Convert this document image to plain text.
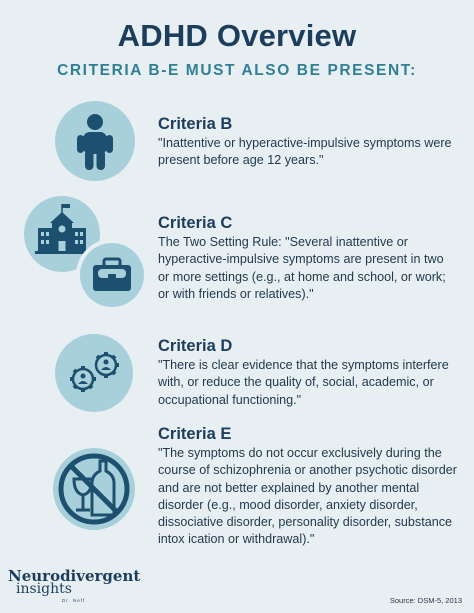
ADHD Overview
CRITERIA B-E MUST ALSO BE PRESENT:
Criteria B
"Inattentive or hyperactive-impulsive symptoms were present before age 12 years."
Criteria C
The Two Setting Rule: "Several inattentive or hyperactive-impulsive symptoms are present in two or more settings (e.g., at home and school, or work; or with friends or relatives)."
Criteria D
"There is clear evidence that the symptoms interfere with, or reduce the quality of, social, academic, or occupational functioning."
Criteria E
"The symptoms do not occur exclusively during the course of schizophrenia or another psychotic disorder and are not better explained by another mental disorder (e.g., mood disorder, anxiety disorder, dissociative disorder, personality disorder, substance intox ication or withdrawal)."
Neurodivergent
insights
Dr. Neff	Source: DSM-5, 2013
